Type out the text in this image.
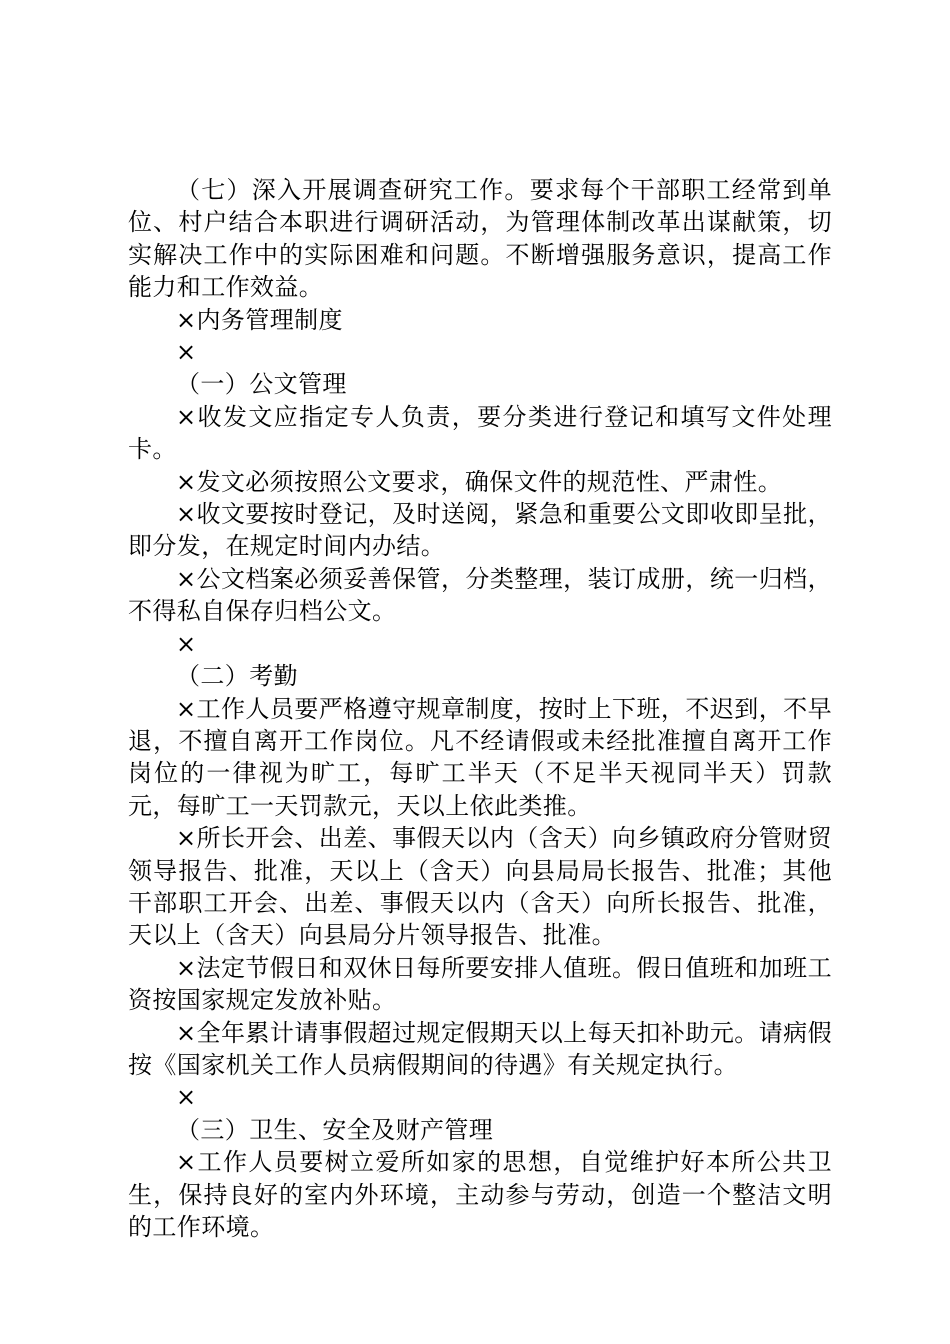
（七）深入开展调查研究工作。要求每个干部职工经常到单位、村户结合本职进行调研活动，为管理体制改革出谋献策，切实解决工作中的实际困难和问题。不断增强服务意识，提高工作能力和工作效益。

×内务管理制度

×

（一）公文管理

×收发文应指定专人负责，要分类进行登记和填写文件处理卡。

×发文必须按照公文要求，确保文件的规范性、严肃性。

×收文要按时登记，及时送阅，紧急和重要公文即收即呈批，即分发，在规定时间内办结。

×公文档案必须妥善保管，分类整理，装订成册，统一归档，不得私自保存归档公文。

×

（二）考勤

×工作人员要严格遵守规章制度，按时上下班，不迟到，不早退，不擅自离开工作岗位。凡不经请假或未经批准擅自离开工作岗位的一律视为旷工，每旷工半天（不足半天视同半天）罚款元，每旷工一天罚款元，天以上依此类推。

×所长开会、出差、事假天以内（含天）向乡镇政府分管财贸领导报告、批准，天以上（含天）向县局局长报告、批准；其他干部职工开会、出差、事假天以内（含天）向所长报告、批准，天以上（含天）向县局分片领导报告、批准。

×法定节假日和双休日每所要安排人值班。假日值班和加班工资按国家规定发放补贴。

×全年累计请事假超过规定假期天以上每天扣补助元。请病假按《国家机关工作人员病假期间的待遇》有关规定执行。

×

（三）卫生、安全及财产管理

×工作人员要树立爱所如家的思想，自觉维护好本所公共卫生，保持良好的室内外环境，主动参与劳动，创造一个整洁文明的工作环境。
